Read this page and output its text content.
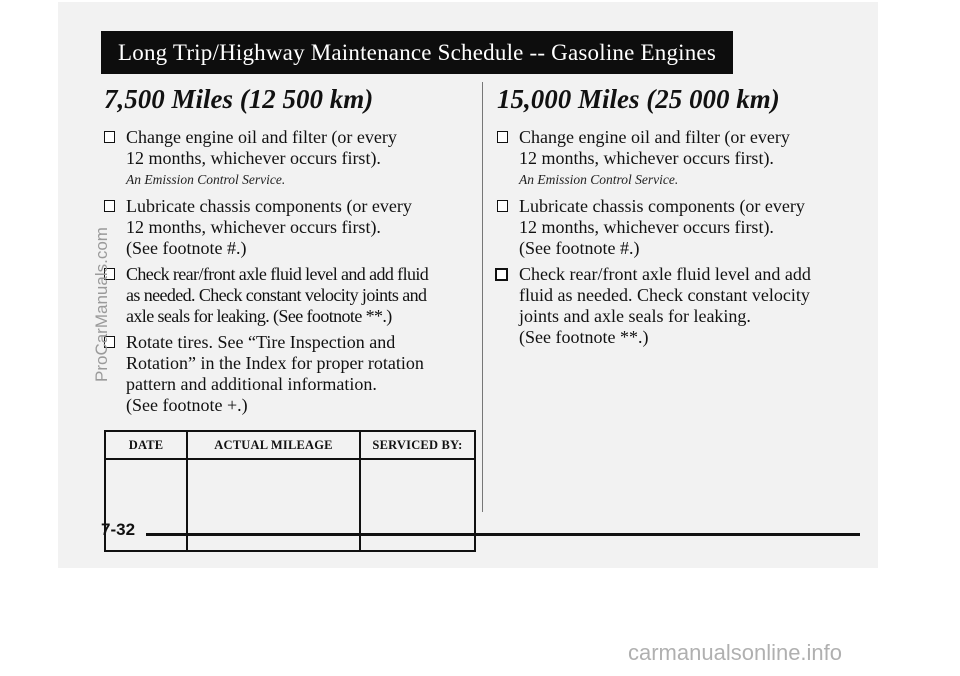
Long Trip/Highway Maintenance Schedule -- Gasoline Engines
7,500 Miles (12 500 km)
Change engine oil and filter (or every
12 months, whichever occurs first).
An Emission Control Service.
Lubricate chassis components (or every
12 months, whichever occurs first).
(See footnote #.)
Check rear/front axle fluid level and add fluid
as needed. Check constant velocity joints and
axle seals for leaking. (See footnote **.)
Rotate tires. See “Tire Inspection and
Rotation” in the Index for proper rotation
pattern and additional information.
(See footnote +.)
DATE	ACTUAL MILEAGE	SERVICED BY:

15,000 Miles (25 000 km)
Change engine oil and filter (or every
12 months, whichever occurs first).
An Emission Control Service.
Lubricate chassis components (or every
12 months, whichever occurs first).
(See footnote #.)
Check rear/front axle fluid level and add
fluid as needed. Check constant velocity
joints and axle seals for leaking.
(See footnote **.)
7-32
ProCarManuals.com
carmanualsonline.info
